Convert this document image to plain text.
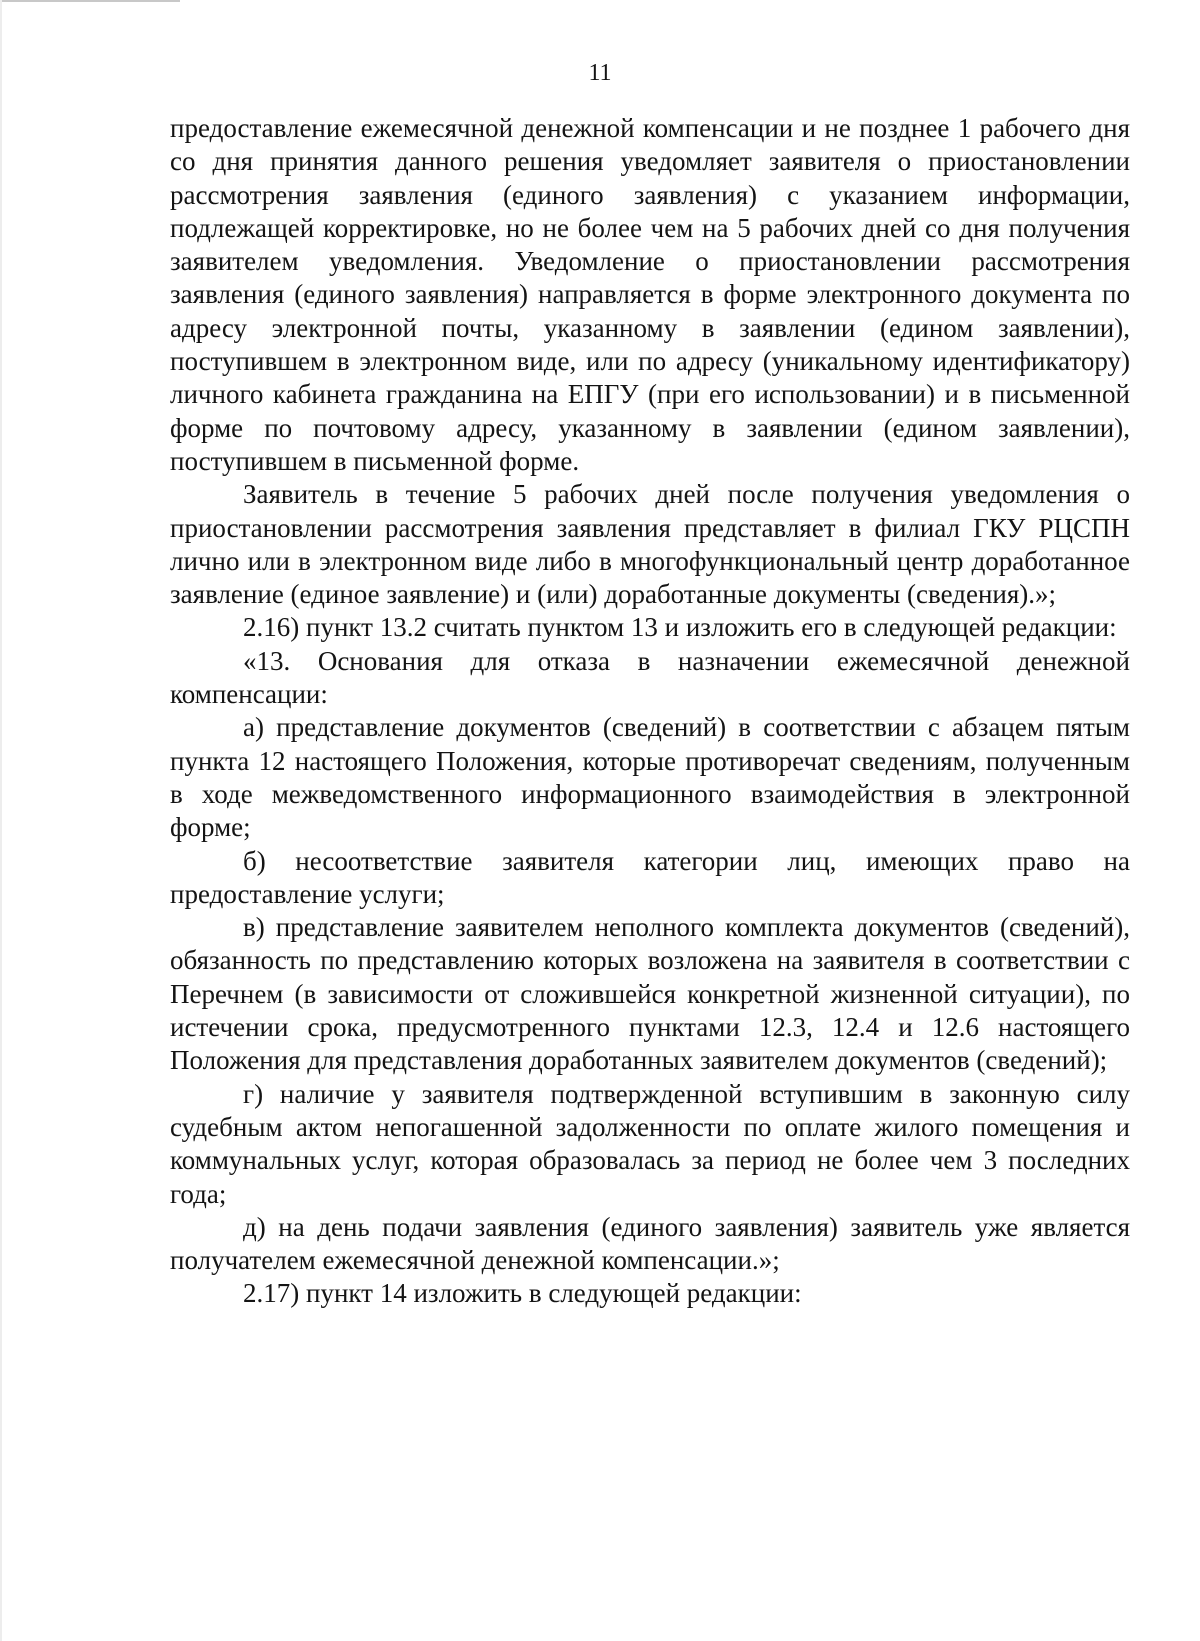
11

предоставление ежемесячной денежной компенсации и не позднее 1 рабочего дня со дня принятия данного решения уведомляет заявителя о приостановлении рассмотрения заявления (единого заявления) с указанием информации, подлежащей корректировке, но не более чем на 5 рабочих дней со дня получения заявителем уведомления. Уведомление о приостановлении рассмотрения заявления (единого заявления) направляется в форме электронного документа по адресу электронной почты, указанному в заявлении (едином заявлении), поступившем в электронном виде, или по адресу (уникальному идентификатору) личного кабинета гражданина на ЕПГУ (при его использовании) и в письменной форме по почтовому адресу, указанному в заявлении (едином заявлении), поступившем в письменной форме.

Заявитель в течение 5 рабочих дней после получения уведомления о приостановлении рассмотрения заявления представляет в филиал ГКУ РЦСПН лично или в электронном виде либо в многофункциональный центр доработанное заявление (единое заявление) и (или) доработанные документы (сведения).»;

2.16) пункт 13.2 считать пунктом 13 и изложить его в следующей редакции:

«13. Основания для отказа в назначении ежемесячной денежной компенсации:

а) представление документов (сведений) в соответствии с абзацем пятым пункта 12 настоящего Положения, которые противоречат сведениям, полученным в ходе межведомственного информационного взаимодействия в электронной форме;

б) несоответствие заявителя категории лиц, имеющих право на предоставление услуги;

в) представление заявителем неполного комплекта документов (сведений), обязанность по представлению которых возложена на заявителя в соответствии с Перечнем (в зависимости от сложившейся конкретной жизненной ситуации), по истечении срока, предусмотренного пунктами 12.3, 12.4 и 12.6 настоящего Положения для представления доработанных заявителем документов (сведений);

г) наличие у заявителя подтвержденной вступившим в законную силу судебным актом непогашенной задолженности по оплате жилого помещения и коммунальных услуг, которая образовалась за период не более чем 3 последних года;

д) на день подачи заявления (единого заявления) заявитель уже является получателем ежемесячной денежной компенсации.»;

2.17) пункт 14 изложить в следующей редакции:
